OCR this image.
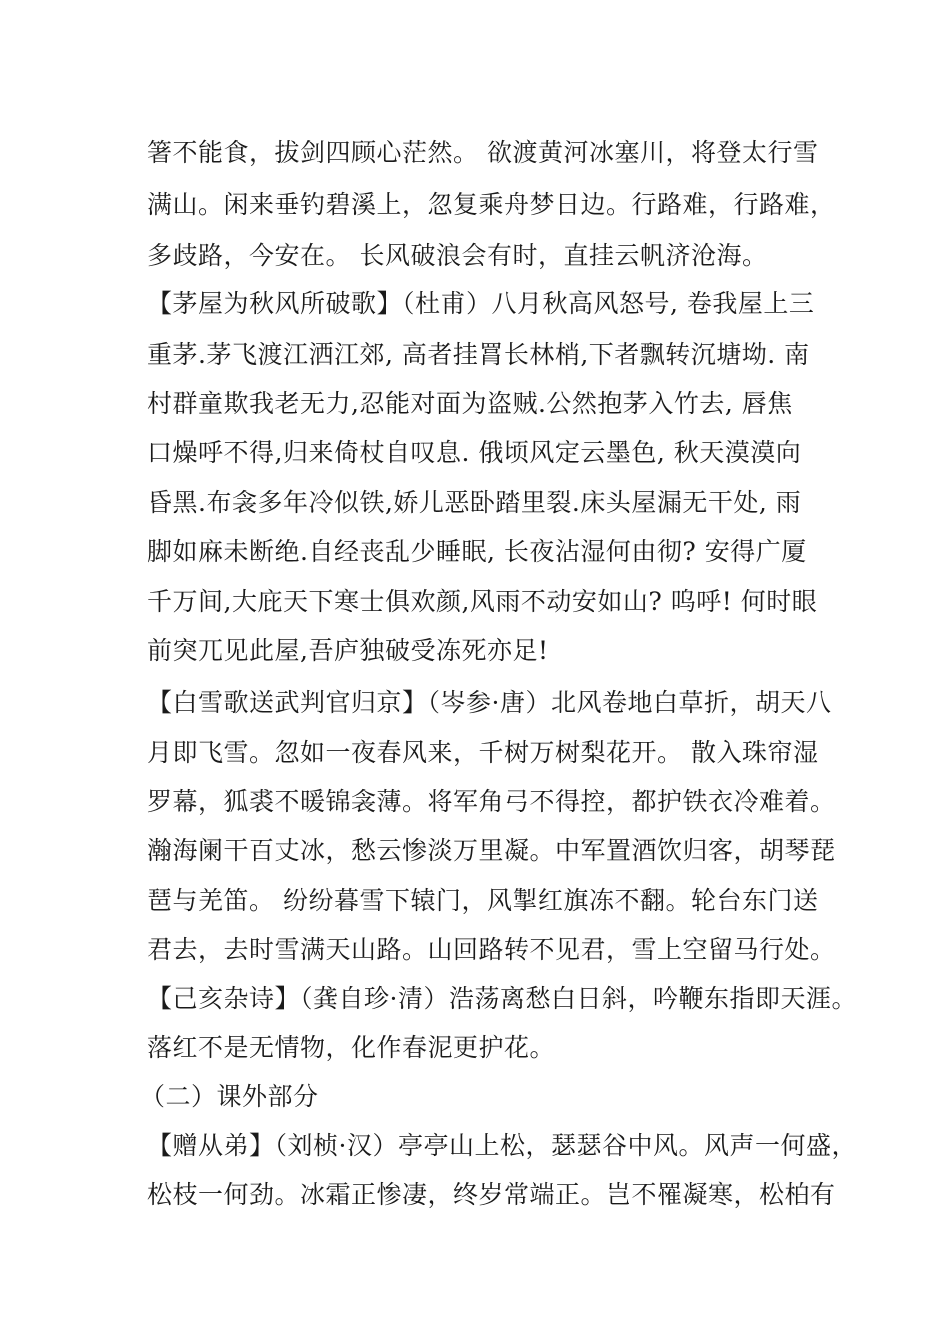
箸不能食，拔剑四顾心茫然。 欲渡黄河冰塞川，将登太行雪
满山。闲来垂钓碧溪上，忽复乘舟梦日边。行路难，行路难，
多歧路，今安在。 长风破浪会有时，直挂云帆济沧海。
【茅屋为秋风所破歌】（杜甫）八月秋高风怒号, 卷我屋上三
重茅.茅飞渡江洒江郊, 高者挂罥长林梢,下者飘转沉塘坳. 南
村群童欺我老无力,忍能对面为盗贼.公然抱茅入竹去, 唇焦
口燥呼不得,归来倚杖自叹息. 俄顷风定云墨色, 秋天漠漠向
昏黑.布衾多年冷似铁,娇儿恶卧踏里裂.床头屋漏无干处, 雨
脚如麻未断绝.自经丧乱少睡眠, 长夜沾湿何由彻? 安得广厦
千万间,大庇天下寒士俱欢颜,风雨不动安如山? 呜呼! 何时眼
前突兀见此屋,吾庐独破受冻死亦足!
【白雪歌送武判官归京】（岑参·唐）北风卷地白草折，胡天八
月即飞雪。忽如一夜春风来，千树万树梨花开。 散入珠帘湿
罗幕，狐裘不暖锦衾薄。将军角弓不得控，都护铁衣冷难着。
瀚海阑干百丈冰，愁云惨淡万里凝。中军置酒饮归客，胡琴琵
琶与羌笛。 纷纷暮雪下辕门，风掣红旗冻不翻。轮台东门送
君去，去时雪满天山路。山回路转不见君，雪上空留马行处。
【己亥杂诗】（龚自珍·清）浩荡离愁白日斜，吟鞭东指即天涯。
落红不是无情物，化作春泥更护花。
（二）课外部分
【赠从弟】（刘桢·汉）亭亭山上松，瑟瑟谷中风。风声一何盛，
松枝一何劲。冰霜正惨凄，终岁常端正。岂不罹凝寒，松柏有
